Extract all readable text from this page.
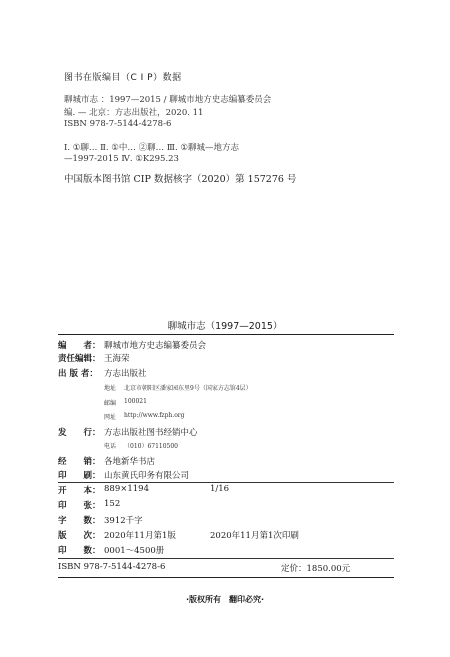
图书在版编目（C I P）数据
聊城市志 ：1997—2015 / 聊城市地方史志编纂委员会
编. — 北京：方志出版社，2020. 11
ISBN 978-7-5144-4278-6
Ⅰ. ①聊… Ⅱ. ①中… ②聊… Ⅲ. ①聊城—地方志
—1997-2015 Ⅳ. ①K295.23
中国版本图书馆 CIP 数据核字（2020）第 157276 号
聊城市志（1997—2015）
编　　者： 聊城市地方史志编纂委员会
责任编辑： 王海荣
出 版 者： 方志出版社
地址 北京市朝阳区潘家园东里9号（国家方志馆4层）
邮编 100021
网址 http://www.fzph.org
发　　行： 方志出版社图书经销中心
电话 （010）67110500
经　　销： 各地新华书店
印　　刷： 山东黄氏印务有限公司
开　　本： 889×1194	1/16
印　　张： 152
字　　数： 3912千字
版　　次： 2020年11月第1版	2020年11月第1次印刷
印　　数： 0001～4500册
ISBN 978-7-5144-4278-6	定价：1850.00元
·版权所有　翻印必究·
